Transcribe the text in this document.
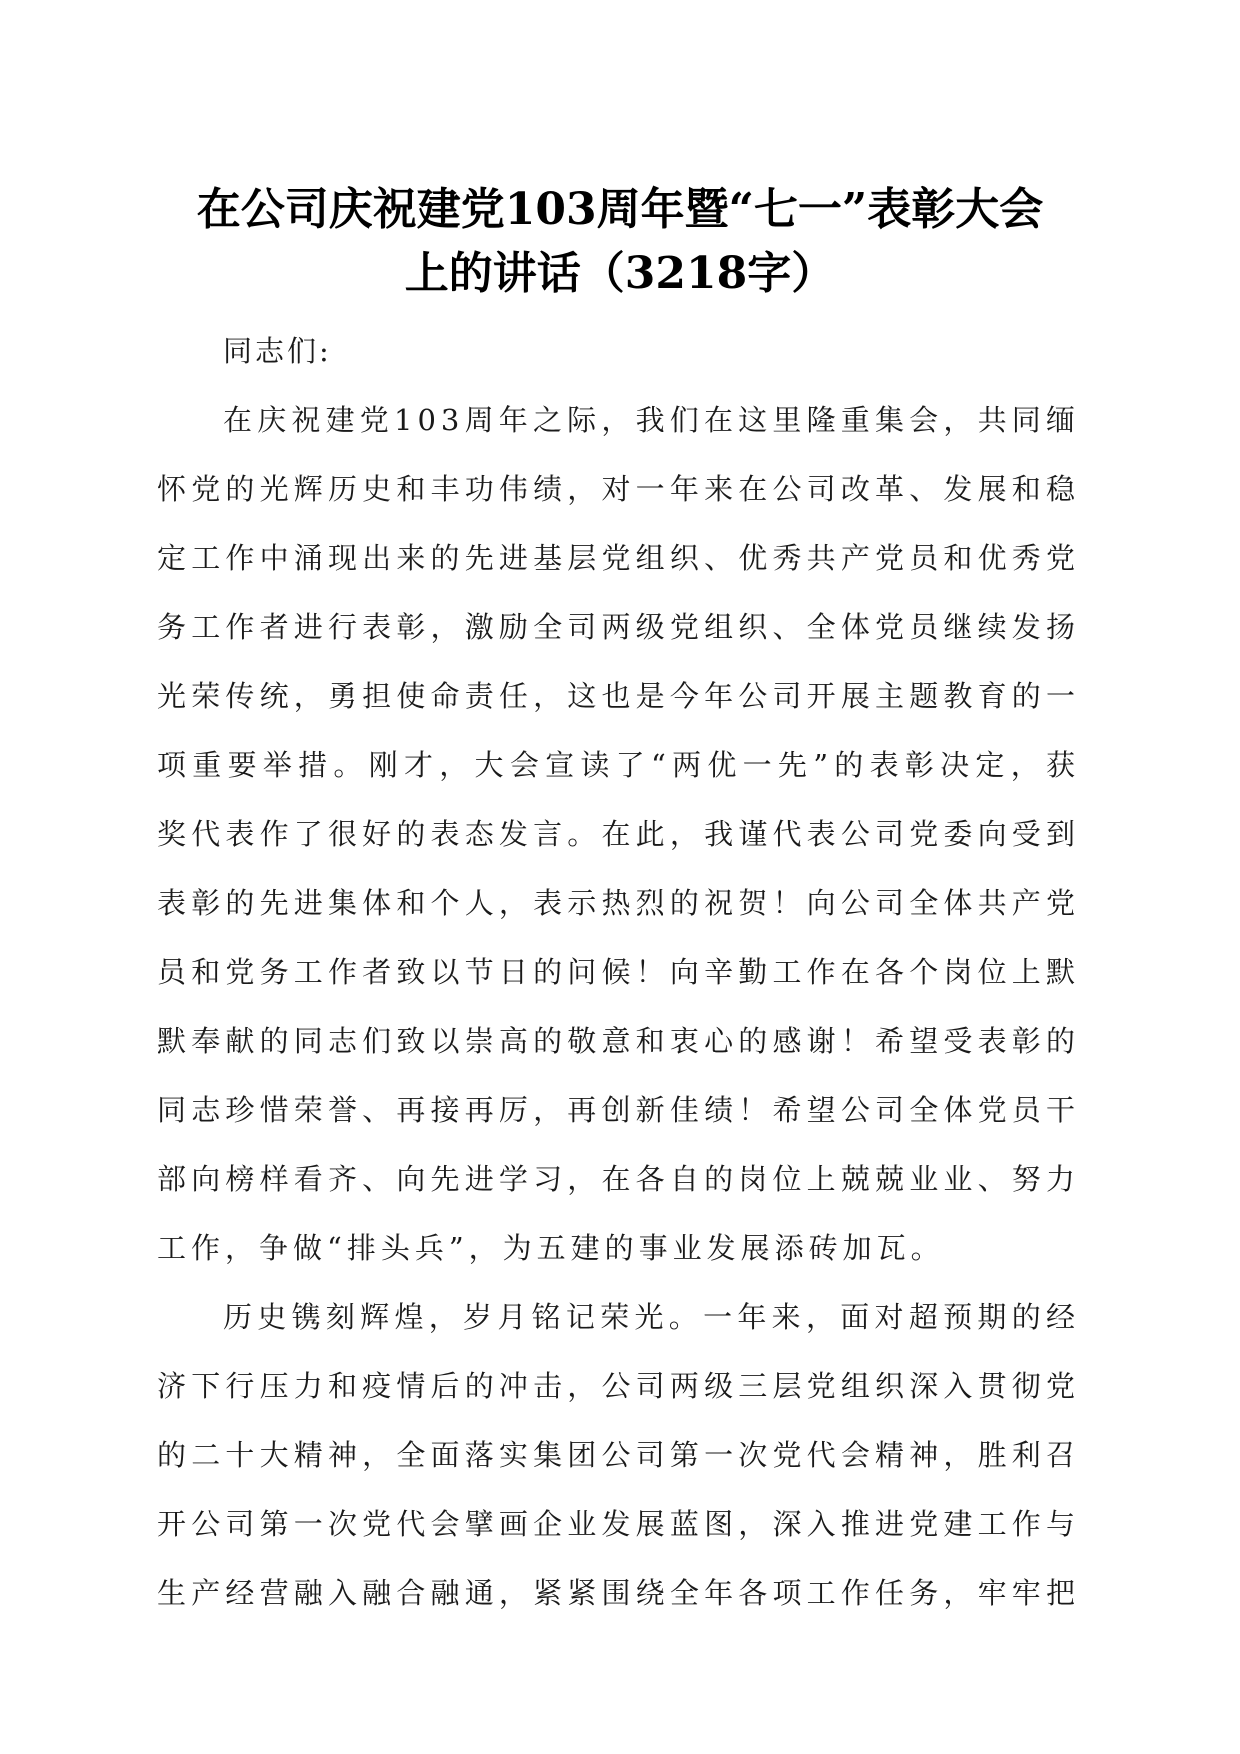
在公司庆祝建党103周年暨“七一”表彰大会
上的讲话（3218字）

同志们:

在庆祝建党103周年之际，我们在这里隆重集会，共同缅
怀党的光辉历史和丰功伟绩，对一年来在公司改革、发展和稳
定工作中涌现出来的先进基层党组织、优秀共产党员和优秀党
务工作者进行表彰，激励全司两级党组织、全体党员继续发扬
光荣传统，勇担使命责任，这也是今年公司开展主题教育的一
项重要举措。刚才，大会宣读了“两优一先”的表彰决定，获
奖代表作了很好的表态发言。在此，我谨代表公司党委向受到
表彰的先进集体和个人，表示热烈的祝贺！向公司全体共产党
员和党务工作者致以节日的问候！向辛勤工作在各个岗位上默
默奉献的同志们致以崇高的敬意和衷心的感谢！希望受表彰的
同志珍惜荣誉、再接再厉，再创新佳绩！希望公司全体党员干
部向榜样看齐、向先进学习，在各自的岗位上兢兢业业、努力
工作，争做“排头兵”，为五建的事业发展添砖加瓦。

历史镌刻辉煌，岁月铭记荣光。一年来，面对超预期的经
济下行压力和疫情后的冲击，公司两级三层党组织深入贯彻党
的二十大精神，全面落实集团公司第一次党代会精神，胜利召
开公司第一次党代会擘画企业发展蓝图，深入推进党建工作与
生产经营融入融合融通，紧紧围绕全年各项工作任务，牢牢把
